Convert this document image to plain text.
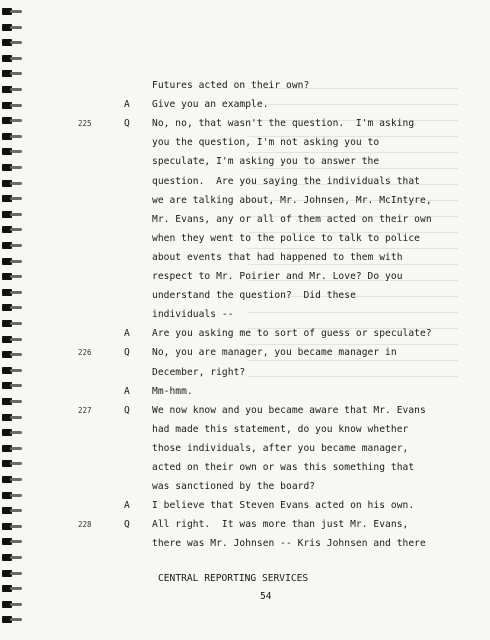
Futures acted on their own?
A Give you an example.
225	Q No, no, that wasn't the question.  I'm asking
you the question, I'm not asking you to
speculate, I'm asking you to answer the
question.  Are you saying the individuals that
we are talking about, Mr. Johnsen, Mr. McIntyre,
Mr. Evans, any or all of them acted on their own
when they went to the police to talk to police
about events that had happened to them with
respect to Mr. Poirier and Mr. Love? Do you
understand the question?  Did these
individuals --
A Are you asking me to sort of guess or speculate?
226	Q No, you are manager, you became manager in
December, right?
A Mm-hmm.
227	Q We now know and you became aware that Mr. Evans
had made this statement, do you know whether
those individuals, after you became manager,
acted on their own or was this something that
was sanctioned by the board?
A I believe that Steven Evans acted on his own.
228	Q All right.  It was more than just Mr. Evans,
there was Mr. Johnsen -- Kris Johnsen and there
CENTRAL REPORTING SERVICES
54
